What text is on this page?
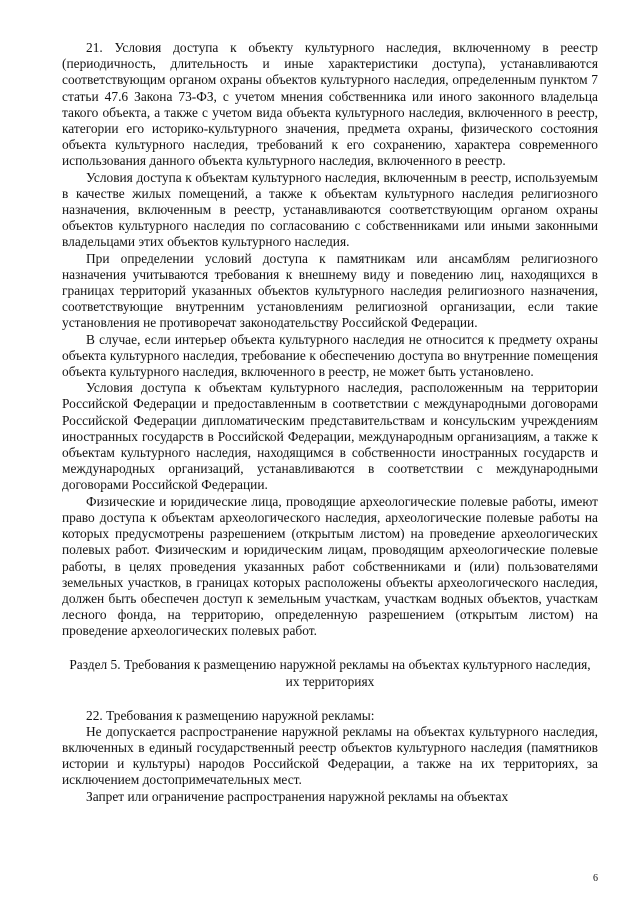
21. Условия доступа к объекту культурного наследия, включенному в реестр (периодичность, длительность и иные характеристики доступа), устанавливаются соответствующим органом охраны объектов культурного наследия, определенным пунктом 7 статьи 47.6 Закона 73-ФЗ, с учетом мнения собственника или иного законного владельца такого объекта, а также с учетом вида объекта культурного наследия, включенного в реестр, категории его историко-культурного значения, предмета охраны, физического состояния объекта культурного наследия, требований к его сохранению, характера современного использования данного объекта культурного наследия, включенного в реестр.

Условия доступа к объектам культурного наследия, включенным в реестр, используемым в качестве жилых помещений, а также к объектам культурного наследия религиозного назначения, включенным в реестр, устанавливаются соответствующим органом охраны объектов культурного наследия по согласованию с собственниками или иными законными владельцами этих объектов культурного наследия.

При определении условий доступа к памятникам или ансамблям религиозного назначения учитываются требования к внешнему виду и поведению лиц, находящихся в границах территорий указанных объектов культурного наследия религиозного назначения, соответствующие внутренним установлениям религиозной организации, если такие установления не противоречат законодательству Российской Федерации.

В случае, если интерьер объекта культурного наследия не относится к предмету охраны объекта культурного наследия, требование к обеспечению доступа во внутренние помещения объекта культурного наследия, включенного в реестр, не может быть установлено.

Условия доступа к объектам культурного наследия, расположенным на территории Российской Федерации и предоставленным в соответствии с международными договорами Российской Федерации дипломатическим представительствам и консульским учреждениям иностранных государств в Российской Федерации, международным организациям, а также к объектам культурного наследия, находящимся в собственности иностранных государств и международных организаций, устанавливаются в соответствии с международными договорами Российской Федерации.

Физические и юридические лица, проводящие археологические полевые работы, имеют право доступа к объектам археологического наследия, археологические полевые работы на которых предусмотрены разрешением (открытым листом) на проведение археологических полевых работ. Физическим и юридическим лицам, проводящим археологические полевые работы, в целях проведения указанных работ собственниками и (или) пользователями земельных участков, в границах которых расположены объекты археологического наследия, должен быть обеспечен доступ к земельным участкам, участкам водных объектов, участкам лесного фонда, на территорию, определенную разрешением (открытым листом) на проведение археологических полевых работ.

Раздел 5. Требования к размещению наружной рекламы на объектах культурного наследия, их территориях

22. Требования к размещению наружной рекламы:

Не допускается распространение наружной рекламы на объектах культурного наследия, включенных в единый государственный реестр объектов культурного наследия (памятников истории и культуры) народов Российской Федерации, а также на их территориях, за исключением достопримечательных мест.

Запрет или ограничение распространения наружной рекламы на объектах

6
